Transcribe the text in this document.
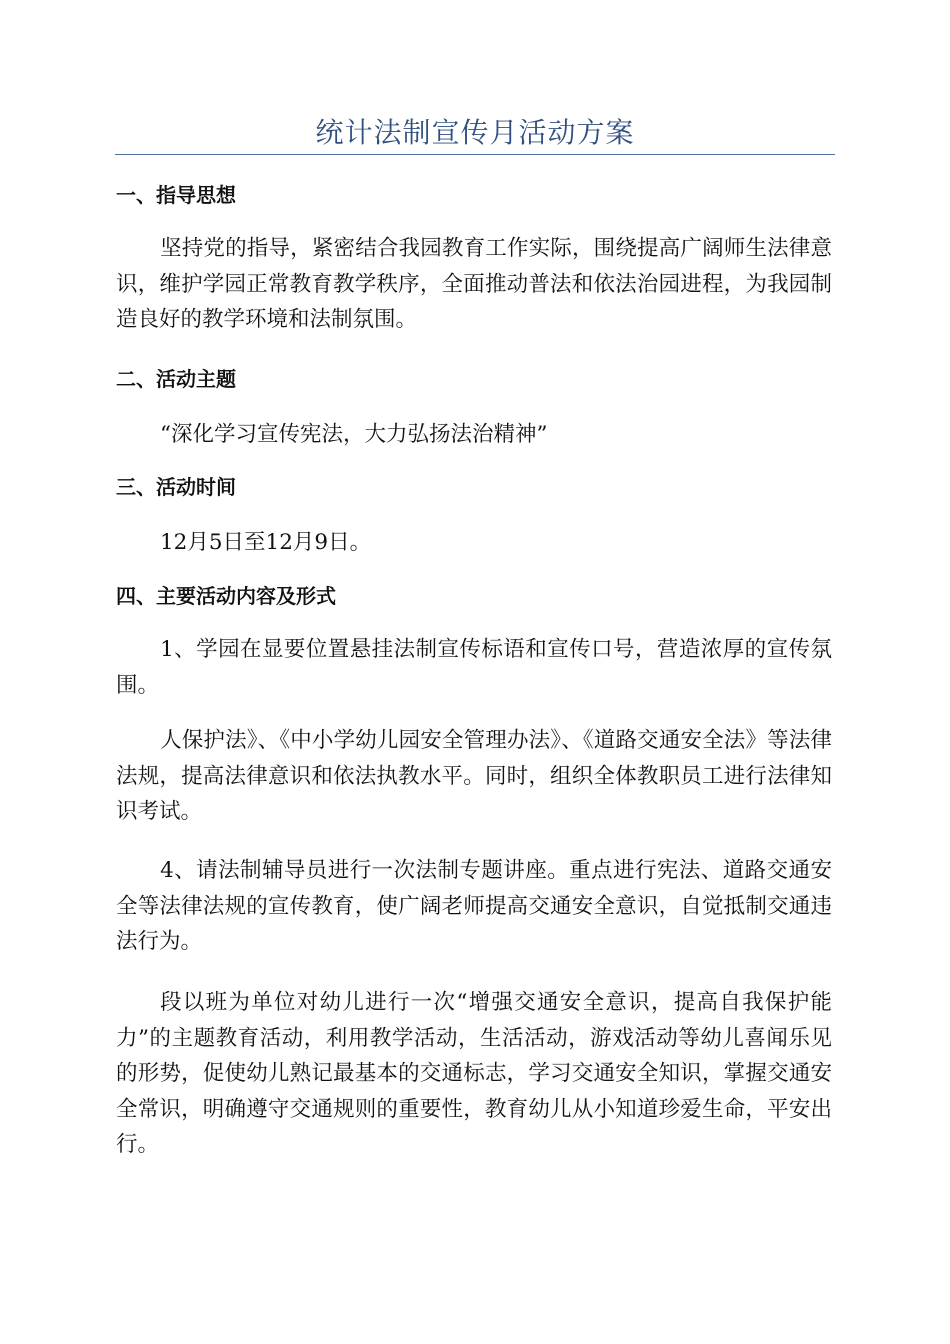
统计法制宣传月活动方案
一、指导思想
坚持党的指导，紧密结合我园教育工作实际，围绕提高广阔师生法律意识，维护学园正常教育教学秩序，全面推动普法和依法治园进程，为我园制造良好的教学环境和法制氛围。
二、活动主题
“深化学习宣传宪法，大力弘扬法治精神”
三、活动时间
12月5日至12月9日。
四、主要活动内容及形式
1、学园在显要位置悬挂法制宣传标语和宣传口号，营造浓厚的宣传氛围。
人保护法》、《中小学幼儿园安全管理办法》、《道路交通安全法》等法律法规，提高法律意识和依法执教水平。同时，组织全体教职员工进行法律知识考试。
4、请法制辅导员进行一次法制专题讲座。重点进行宪法、道路交通安全等法律法规的宣传教育，使广阔老师提高交通安全意识，自觉抵制交通违法行为。
段以班为单位对幼儿进行一次“增强交通安全意识，提高自我保护能力”的主题教育活动，利用教学活动，生活活动，游戏活动等幼儿喜闻乐见的形势，促使幼儿熟记最基本的交通标志，学习交通安全知识，掌握交通安全常识，明确遵守交通规则的重要性，教育幼儿从小知道珍爱生命，平安出行。
